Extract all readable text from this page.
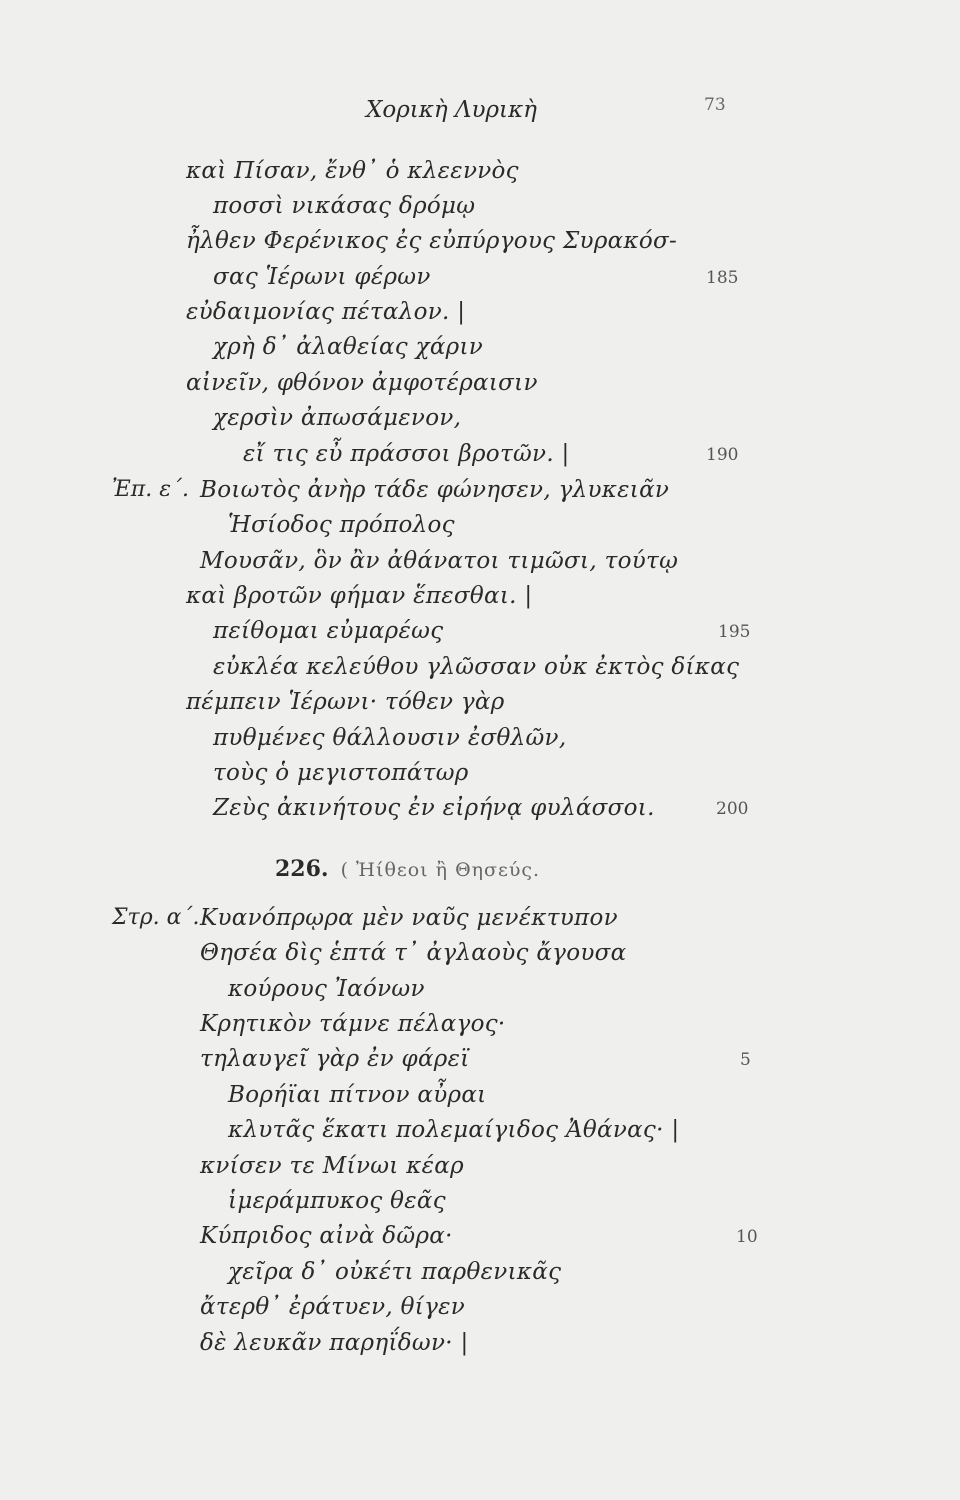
Χορικὴ Λυρικὴ	73
καὶ Πίσαν, ἔνθ᾿ ὁ κλεεννὸς
ποσσὶ νικάσας δρόμῳ
ἦλθεν Φερένικος ἐς εὐπύργους Συρακόσ-
σας Ἱέρωνι φέρων	185
εὐδαιμονίας πέταλον. |
χρὴ δ᾿ ἀλαθείας χάριν
αἰνεῖν, φθόνον ἀμφοτέραισιν
χερσὶν ἀπωσάμενον,
εἴ τις εὖ πράσσοι βροτῶν. |	190
Ἐπ. ε΄. Βοιωτὸς ἀνὴρ τάδε φώνησεν, γλυκειᾶν
Ἡσίοδος πρόπολος
Μουσᾶν, ὃν ἂν ἀθάνατοι τιμῶσι, τούτῳ
καὶ βροτῶν φήμαν ἕπεσθαι. |
πείθομαι εὐμαρέως	195
εὐκλέα κελεύθου γλῶσσαν οὐκ ἐκτὸς δίκας
πέμπειν Ἱέρωνι· τόθεν γὰρ
πυθμένες θάλλουσιν ἐσθλῶν,
τοὺς ὁ μεγιστοπάτωρ
Ζεὺς ἀκινήτους ἐν εἰρήνᾳ φυλάσσοι.	200
226. ( Ἠίθεοι ἢ Θησεύς.
Στρ. α΄. Κυανόπρῳρα μὲν ναῦς μενέκτυπον
Θησέα δὶς ἑπτά τ᾿ ἀγλαοὺς ἄγουσα
κούρους Ἰαόνων
Κρητικὸν τάμνε πέλαγος·
τηλαυγεῖ γὰρ ἐν φάρεϊ	5
Βορήϊαι πίτνον αὖραι
κλυτᾶς ἕκατι πολεμαίγιδος Ἀθάνας· |
κνίσεν τε Μίνωι κέαρ
ἱμεράμπυκος θεᾶς
Κύπριδος αἰνὰ δῶρα·	10
χεῖρα δ᾿ οὐκέτι παρθενικᾶς
ἄτερθ᾿ ἐράτυεν, θίγεν
δὲ λευκᾶν παρηΐδων· |
